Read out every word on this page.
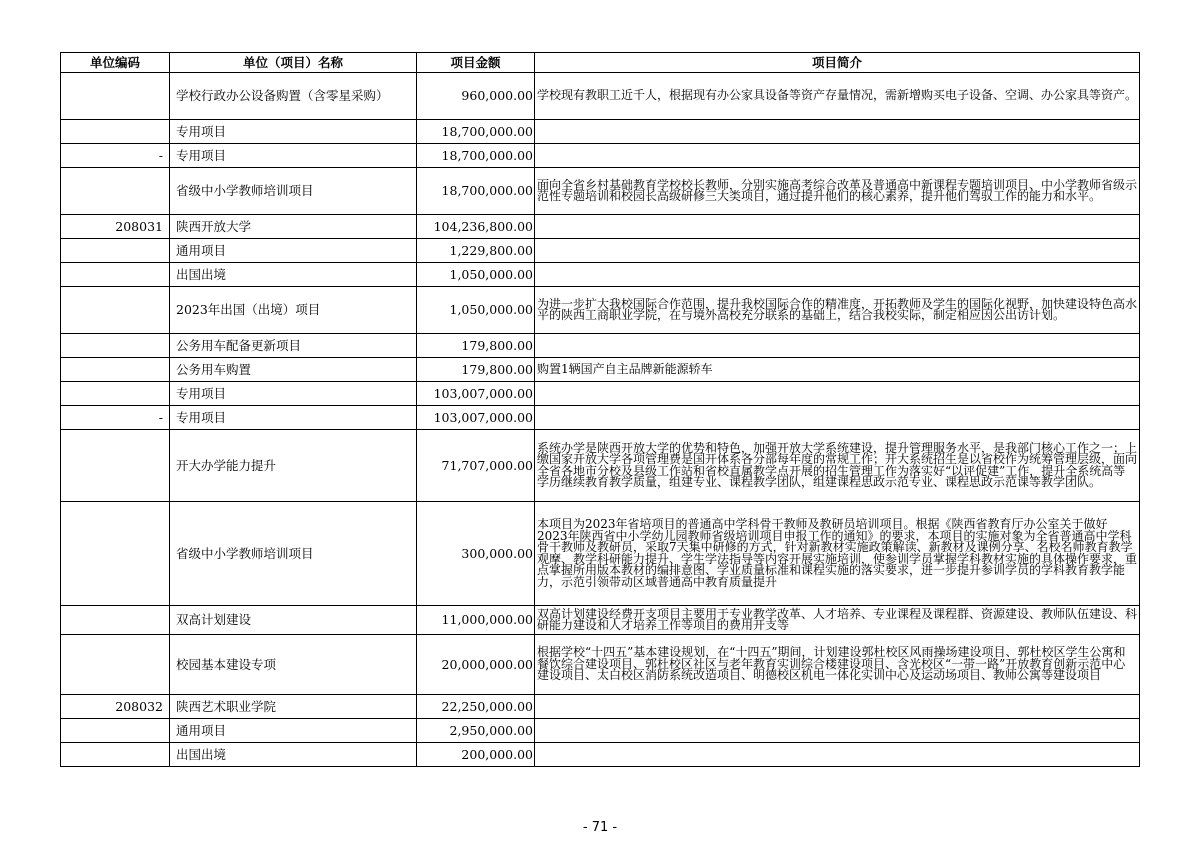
单位编码	单位（项目）名称	项目金额	项目简介
	学校行政办公设备购置（含零星采购）	960,000.00	学校现有教职工近千人，根据现有办公家具设备等资产存量情况，需新增购买电子设备、空调、办公家具等资产。
	专用项目	18,700,000.00	
-	专用项目	18,700,000.00	
	省级中小学教师培训项目	18,700,000.00	面向全省乡村基础教育学校校长教师，分别实施高考综合改革及普通高中新课程专题培训项目、中小学教师省级示范性专题培训和校园长高级研修三大类项目，通过提升他们的核心素养，提升他们驾驭工作的能力和水平。
208031	陕西开放大学	104,236,800.00	
	通用项目	1,229,800.00	
	出国出境	1,050,000.00	
	2023年出国（出境）项目	1,050,000.00	为进一步扩大我校国际合作范围，提升我校国际合作的精准度，开拓教师及学生的国际化视野，加快建设特色高水平的陕西工商职业学院，在与境外高校充分联系的基础上，结合我校实际，制定相应因公出访计划。
	公务用车配备更新项目	179,800.00	
	公务用车购置	179,800.00	购置1辆国产自主品牌新能源轿车
	专用项目	103,007,000.00	
-	专用项目	103,007,000.00	
	开大办学能力提升	71,707,000.00	系统办学是陕西开放大学的优势和特色，加强开放大学系统建设，提升管理服务水平，是我部门核心工作之一；上缴国家开放大学各项管理费是国开体系各分部每年度的常规工作；开大系统招生是以省校作为统筹管理层级，面向全省各地市分校及县级工作站和省校直属教学点开展的招生管理工作为落实好“以评促建”工作，提升全系统高等学历继续教育教学质量，组建专业、课程教学团队，组建课程思政示范专业、课程思政示范课等教学团队。
	省级中小学教师培训项目	300,000.00	本项目为2023年省培项目的普通高中学科骨干教师及教研员培训项目。根据《陕西省教育厅办公室关于做好2023年陕西省中小学幼儿园教师省级培训项目申报工作的通知》的要求，本项目的实施对象为全省普通高中学科骨干教师及教研员，采取7天集中研修的方式，针对新教材实施政策解读、新教材及课例分享、名校名师教育教学观摩、教学科研能力提升、学生学法指导等内容开展实施培训，使参训学员掌握学科教材实施的具体操作要求，重点掌握所用版本教材的编排意图、学业质量标准和课程实施的落实要求，进一步提升参训学员的学科教育教学能力，示范引领带动区域普通高中教育质量提升
	双高计划建设	11,000,000.00	双高计划建设经费开支项目主要用于专业教学改革、人才培养、专业课程及课程群、资源建设、教师队伍建设、科研能力建设和人才培养工作等项目的费用开支等
	校园基本建设专项	20,000,000.00	根据学校“十四五”基本建设规划，在“十四五”期间，计划建设郭杜校区风雨操场建设项目、郭杜校区学生公寓和餐饮综合建设项目、郭杜校区社区与老年教育实训综合楼建设项目、含光校区“一带一路”开放教育创新示范中心建设项目、太白校区消防系统改造项目、明德校区机电一体化实训中心及运动场项目、教师公寓等建设项目
208032	陕西艺术职业学院	22,250,000.00	
	通用项目	2,950,000.00	
	出国出境	200,000.00	
- 71 -
